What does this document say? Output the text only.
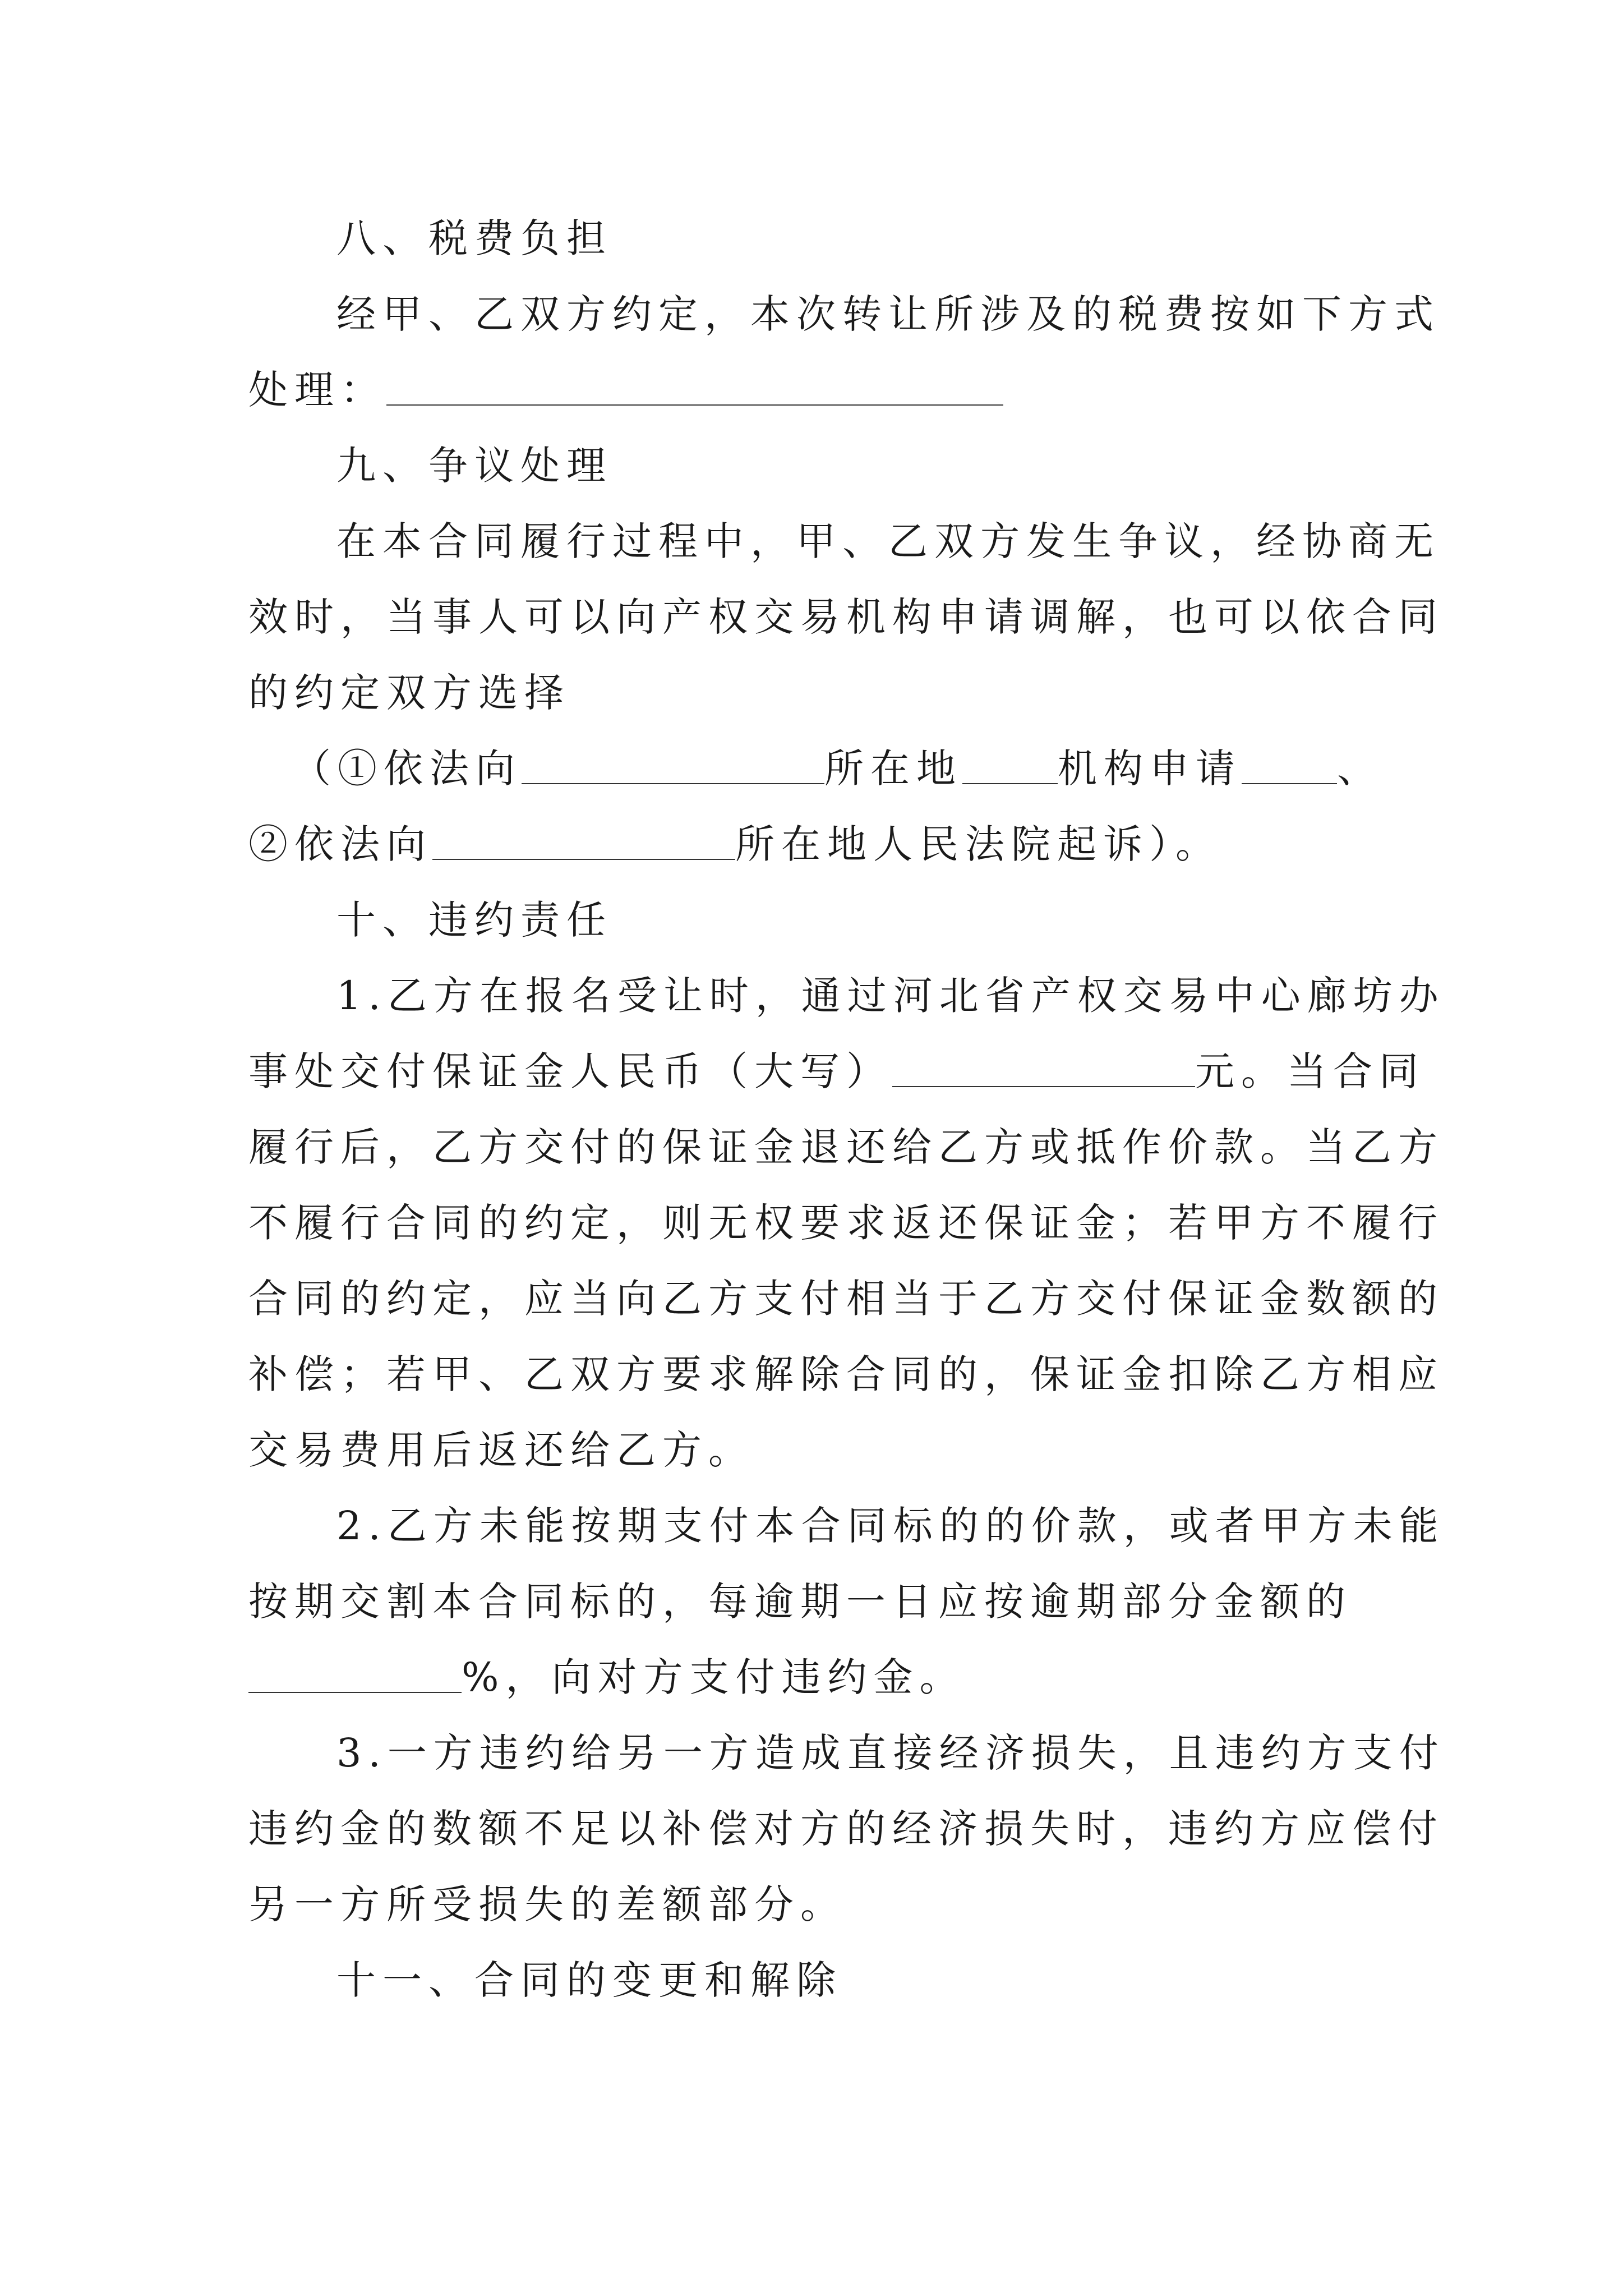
八、税费负担
经甲、乙双方约定，本次转让所涉及的税费按如下方式
处理：
九、争议处理
在本合同履行过程中，甲、乙双方发生争议，经协商无
效时，当事人可以向产权交易机构申请调解，也可以依合同
的约定双方选择
（①依法向	所在地 机构申请 、
②依法向	所在地人民法院起诉）。
十、违约责任
1.乙方在报名受让时，通过河北省产权交易中心廊坊办
事处交付保证金人民币（大写）	元。当合同
履行后，乙方交付的保证金退还给乙方或抵作价款。当乙方
不履行合同的约定，则无权要求返还保证金；若甲方不履行
合同的约定，应当向乙方支付相当于乙方交付保证金数额的
补偿；若甲、乙双方要求解除合同的，保证金扣除乙方相应
交易费用后返还给乙方。
2.乙方未能按期支付本合同标的的价款，或者甲方未能
按期交割本合同标的，每逾期一日应按逾期部分金额的
%，向对方支付违约金。
3.一方违约给另一方造成直接经济损失，且违约方支付
违约金的数额不足以补偿对方的经济损失时，违约方应偿付
另一方所受损失的差额部分。
十一、合同的变更和解除
